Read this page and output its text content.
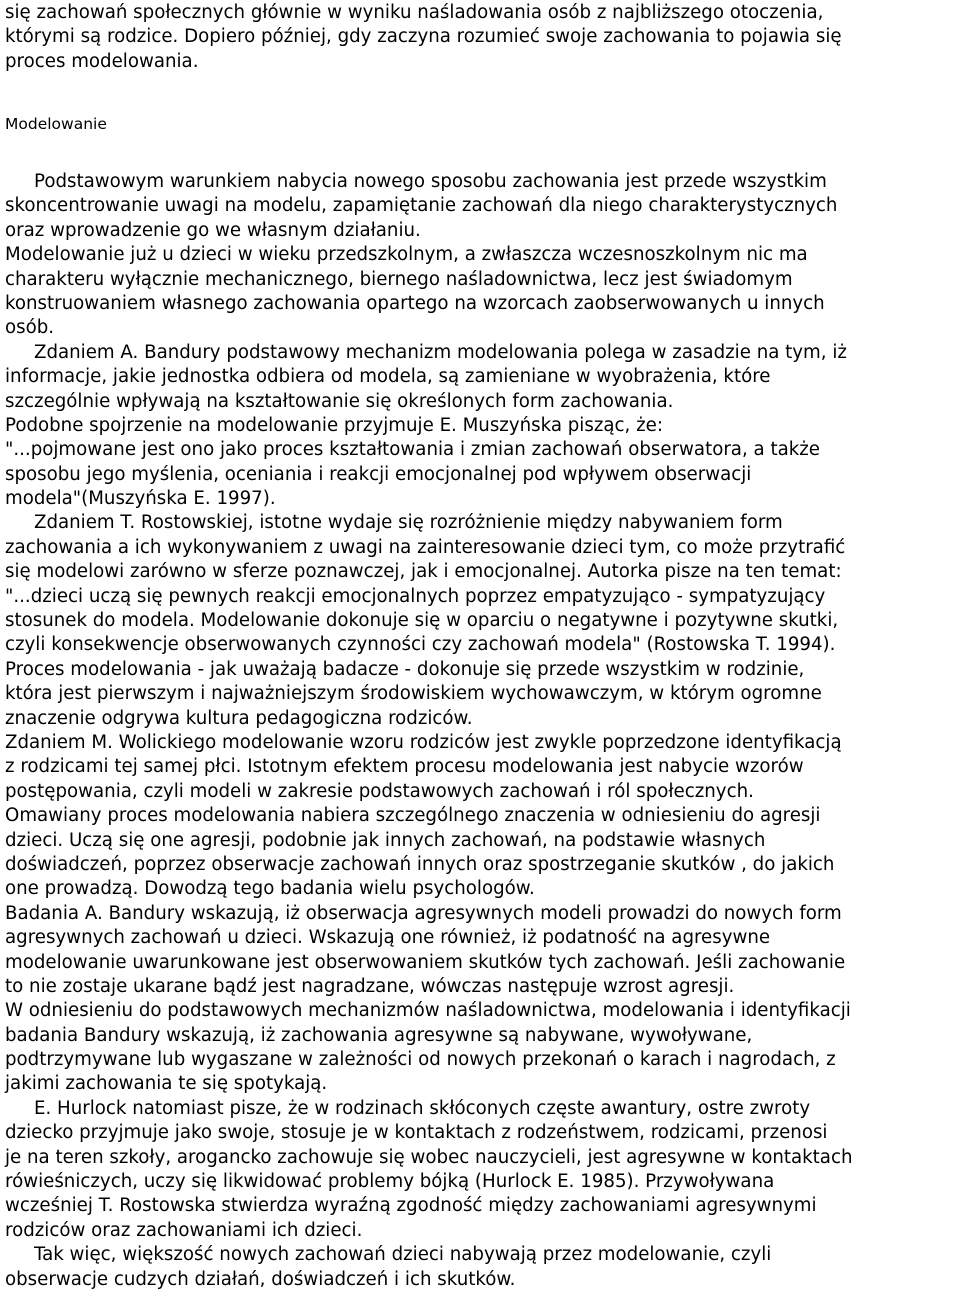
się zachowań społecznych głównie w wyniku naśladowania osób z najbliższego otoczenia,
którymi są rodzice. Dopiero później, gdy zaczyna rozumieć swoje zachowania to pojawia się
proces modelowania.
Modelowanie
Podstawowym warunkiem nabycia nowego sposobu zachowania jest przede wszystkim
skoncentrowanie uwagi na modelu, zapamiętanie zachowań dla niego charakterystycznych
oraz wprowadzenie go we własnym działaniu.
Modelowanie już u dzieci w wieku przedszkolnym, a zwłaszcza wczesnoszkolnym nic ma
charakteru wyłącznie mechanicznego, biernego naśladownictwa, lecz jest świadomym
konstruowaniem własnego zachowania opartego na wzorcach zaobserwowanych u innych
osób.
Zdaniem A. Bandury podstawowy mechanizm modelowania polega w zasadzie na tym, iż
informacje, jakie jednostka odbiera od modela, są zamieniane w wyobrażenia, które
szczególnie wpływają na kształtowanie się określonych form zachowania.
Podobne spojrzenie na modelowanie przyjmuje E. Muszyńska pisząc, że:
"...pojmowane jest ono jako proces kształtowania i zmian zachowań obserwatora, a także
sposobu jego myślenia, oceniania i reakcji emocjonalnej pod wpływem obserwacji
modela"(Muszyńska E. 1997).
Zdaniem T. Rostowskiej, istotne wydaje się rozróżnienie między nabywaniem form
zachowania a ich wykonywaniem z uwagi na zainteresowanie dzieci tym, co może przytrafić
się modelowi zarówno w sferze poznawczej, jak i emocjonalnej. Autorka pisze na ten temat:
"...dzieci uczą się pewnych reakcji emocjonalnych poprzez empatyzująco - sympatyzujący
stosunek do modela. Modelowanie dokonuje się w oparciu o negatywne i pozytywne skutki,
czyli konsekwencje obserwowanych czynności czy zachowań modela" (Rostowska T. 1994).
Proces modelowania - jak uważają badacze - dokonuje się przede wszystkim w rodzinie,
która jest pierwszym i najważniejszym środowiskiem wychowawczym, w którym ogromne
znaczenie odgrywa kultura pedagogiczna rodziców.
Zdaniem M. Wolickiego modelowanie wzoru rodziców jest zwykle poprzedzone identyfikacją
z rodzicami tej samej płci. Istotnym efektem procesu modelowania jest nabycie wzorów
postępowania, czyli modeli w zakresie podstawowych zachowań i ról społecznych.
Omawiany proces modelowania nabiera szczególnego znaczenia w odniesieniu do agresji
dzieci. Uczą się one agresji, podobnie jak innych zachowań, na podstawie własnych
doświadczeń, poprzez obserwacje zachowań innych oraz spostrzeganie skutków , do jakich
one prowadzą. Dowodzą tego badania wielu psychologów.
Badania A. Bandury wskazują, iż obserwacja agresywnych modeli prowadzi do nowych form
agresywnych zachowań u dzieci. Wskazują one również, iż podatność na agresywne
modelowanie uwarunkowane jest obserwowaniem skutków tych zachowań. Jeśli zachowanie
to nie zostaje ukarane bądź jest nagradzane, wówczas następuje wzrost agresji.
W odniesieniu do podstawowych mechanizmów naśladownictwa, modelowania i identyfikacji
badania Bandury wskazują, iż zachowania agresywne są nabywane, wywoływane,
podtrzymywane lub wygaszane w zależności od nowych przekonań o karach i nagrodach, z
jakimi zachowania te się spotykają.
E. Hurlock natomiast pisze, że w rodzinach skłóconych częste awantury, ostre zwroty
dziecko przyjmuje jako swoje, stosuje je w kontaktach z rodzeństwem, rodzicami, przenosi
je na teren szkoły, arogancko zachowuje się wobec nauczycieli, jest agresywne w kontaktach
rówieśniczych, uczy się likwidować problemy bójką (Hurlock E. 1985). Przywoływana
wcześniej T. Rostowska stwierdza wyraźną zgodność między zachowaniami agresywnymi
rodziców oraz zachowaniami ich dzieci.
Tak więc, większość nowych zachowań dzieci nabywają przez modelowanie, czyli
obserwacje cudzych działań, doświadczeń i ich skutków.
